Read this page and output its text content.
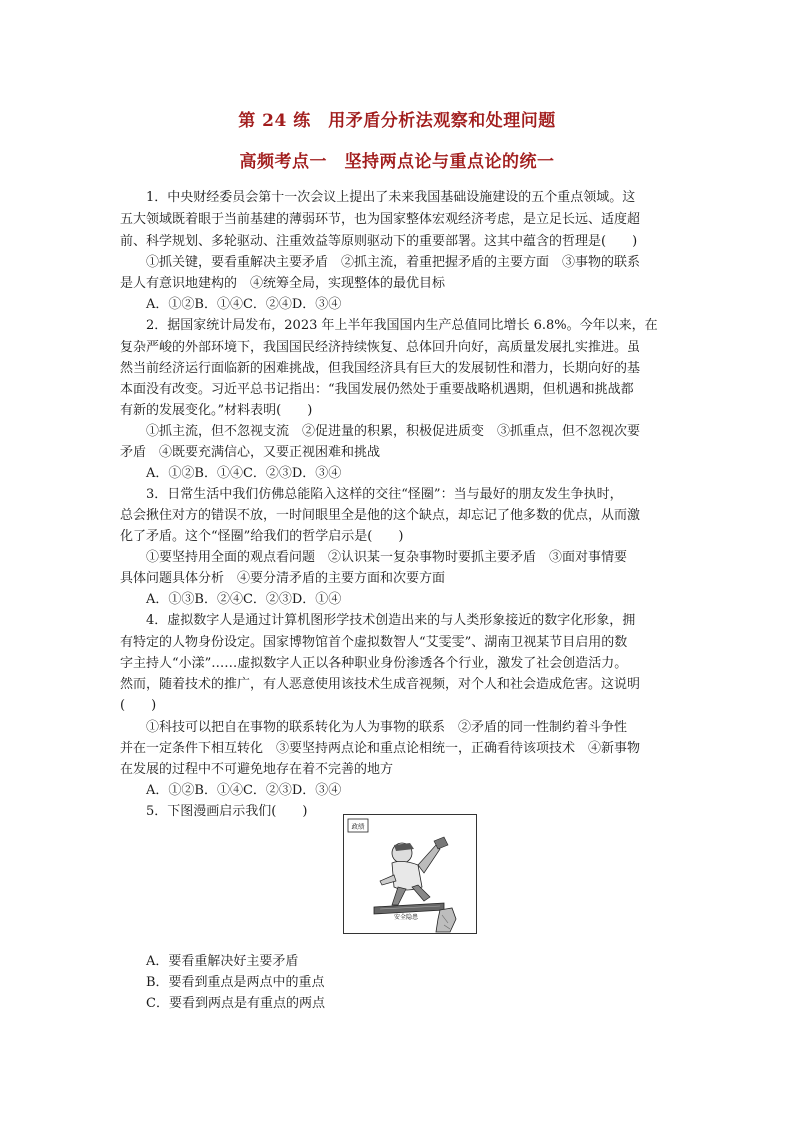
第 24 练　用矛盾分析法观察和处理问题
高频考点一　坚持两点论与重点论的统一
　　1．中央财经委员会第十一次会议上提出了未来我国基础设施建设的五个重点领域。这
五大领域既着眼于当前基建的薄弱环节，也为国家整体宏观经济考虑，是立足长远、适度超
前、科学规划、多轮驱动、注重效益等原则驱动下的重要部署。这其中蕴含的哲理是(　　)
　　①抓关键，要看重解决主要矛盾　②抓主流，着重把握矛盾的主要方面　③事物的联系
是人有意识地建构的　④统筹全局，实现整体的最优目标
　　A．①②B．①④C．②④D．③④
　　2．据国家统计局发布，2023 年上半年我国国内生产总值同比增长 6.8%。今年以来，在
复杂严峻的外部环境下，我国国民经济持续恢复、总体回升向好，高质量发展扎实推进。虽
然当前经济运行面临新的困难挑战，但我国经济具有巨大的发展韧性和潜力，长期向好的基
本面没有改变。习近平总书记指出：“我国发展仍然处于重要战略机遇期，但机遇和挑战都
有新的发展变化。”材料表明(　　)
　　①抓主流，但不忽视支流　②促进量的积累，积极促进质变　③抓重点，但不忽视次要
矛盾　④既要充满信心，又要正视困难和挑战
　　A．①②B．①④C．②③D．③④
　　3．日常生活中我们仿佛总能陷入这样的交往“怪圈”：当与最好的朋友发生争执时，
总会揪住对方的错误不放，一时间眼里全是他的这个缺点，却忘记了他多数的优点，从而激
化了矛盾。这个“怪圈”给我们的哲学启示是(　　)
　　①要坚持用全面的观点看问题　②认识某一复杂事物时要抓主要矛盾　③面对事情要
具体问题具体分析　④要分清矛盾的主要方面和次要方面
　　A．①③B．②④C．②③D．①④
　　4．虚拟数字人是通过计算机图形学技术创造出来的与人类形象接近的数字化形象，拥
有特定的人物身份设定。国家博物馆首个虚拟数智人“艾雯雯”、湖南卫视某节目启用的数
字主持人“小漾”……虚拟数字人正以各种职业身份渗透各个行业，激发了社会创造活力。
然而，随着技术的推广，有人恶意使用该技术生成音视频，对个人和社会造成危害。这说明
(　　)
　　①科技可以把自在事物的联系转化为人为事物的联系　②矛盾的同一性制约着斗争性
并在一定条件下相互转化　③要坚持两点论和重点论相统一，正确看待该项技术　④新事物
在发展的过程中不可避免地存在着不完善的地方
　　A．①②B．①④C．②③D．③④
　　5．下图漫画启示我们(　　)
政绩
安全隐患
A．要看重解决好主要矛盾
B．要看到重点是两点中的重点
C．要看到两点是有重点的两点
